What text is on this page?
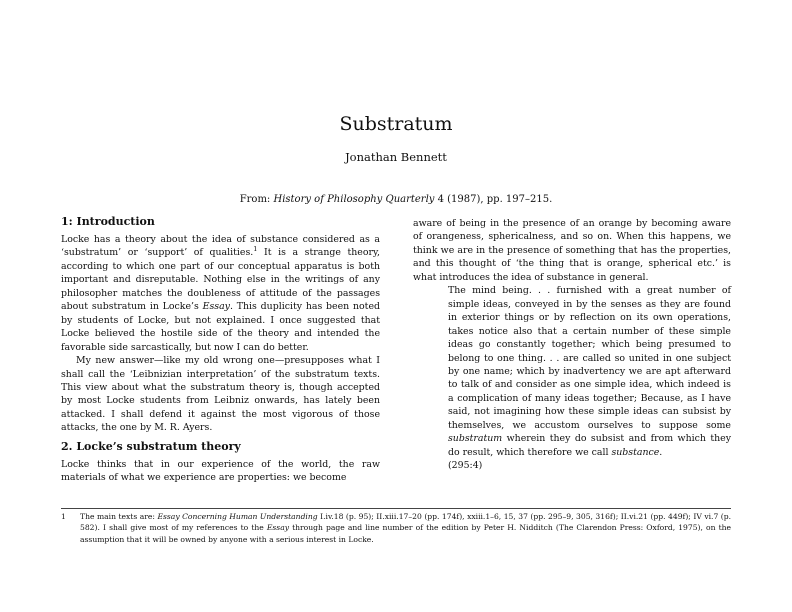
Substratum
Jonathan Bennett
From: History of Philosophy Quarterly 4 (1987), pp. 197–215.
1: Introduction

Locke has a theory about the idea of substance considered as a ‘substratum’ or ‘support’ of qualities.$^1$ It is a strange theory, according to which one part of our conceptual apparatus is both important and disreputable. Nothing else in the writings of any philosopher matches the doubleness of attitude of the passages about substratum in Locke’s Essay. This duplicity has been noted by students of Locke, but not explained. I once suggested that Locke believed the hostile side of the theory and intended the favorable side sarcastically, but now I can do better.

My new answer—like my old wrong one—presupposes what I shall call the ‘Leibnizian interpretation’ of the substratum texts. This view about what the substratum theory is, though accepted by most Locke students from Leibniz onwards, has lately been attacked. I shall defend it against the most vigorous of those attacks, the one by M. R. Ayers.

2. Locke’s substratum theory

Locke thinks that in our experience of the world, the raw materials of what we experience are properties: we become

aware of being in the presence of an orange by becoming aware of orangeness, sphericalness, and so on. When this happens, we think we are in the presence of something that has the properties, and this thought of ‘the thing that is orange, spherical etc.’ is what introduces the idea of substance in general.

The mind being. . . furnished with a great number of simple ideas, conveyed in by the senses as they are found in exterior things or by reflection on its own operations, takes notice also that a certain number of these simple ideas go constantly together; which being presumed to belong to one thing. . . are called so united in one subject by one name; which by inadvertency we are apt afterward to talk of and consider as one simple idea, which indeed is a complication of many ideas together; Because, as I have said, not imagining how these simple ideas can subsist by themselves, we accustom ourselves to suppose some substratum wherein they do subsist and from which they do result, which therefore we call substance.

(295:4)

1 The main texts are: Essay Concerning Human Understanding I.iv.18 (p. 95); II.xiii.17–20 (pp. 174f), xxiii.1–6, 15, 37 (pp. 295–9, 305, 316f); II.vi.21 (pp. 449f); IV vi.7 (p. 582). I shall give most of my references to the Essay through page and line number of the edition by Peter H. Nidditch (The Clarendon Press: Oxford, 1975), on the assumption that it will be owned by anyone with a serious interest in Locke.
